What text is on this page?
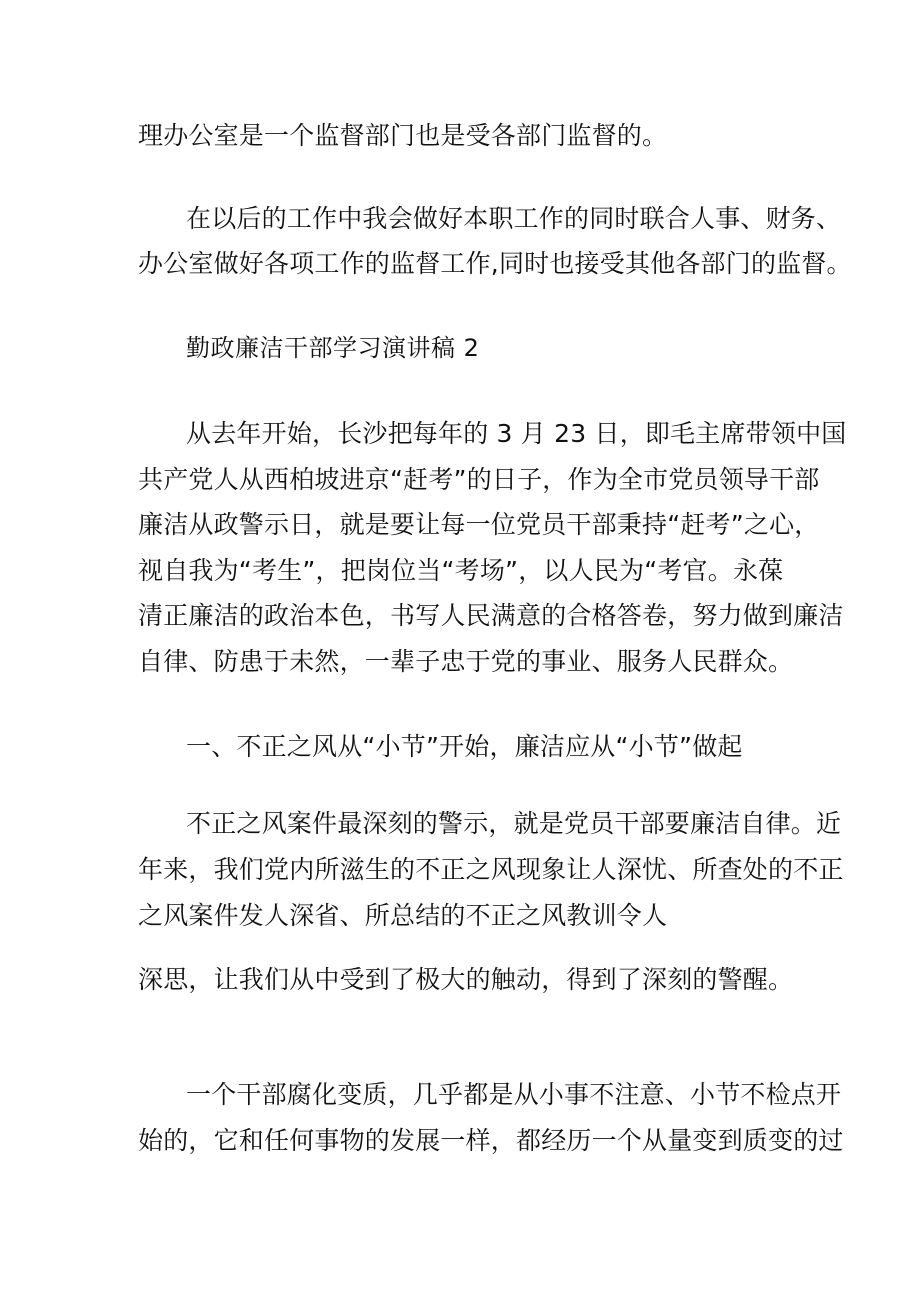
理办公室是一个监督部门也是受各部门监督的。
在以后的工作中我会做好本职工作的同时联合人事、财务、
办公室做好各项工作的监督工作,同时也接受其他各部门的监督。
勤政廉洁干部学习演讲稿 2
从去年开始，长沙把每年的 3 月 23 日，即毛主席带领中国
共产党人从西柏坡进京“赶考”的日子，作为全市党员领导干部
廉洁从政警示日，就是要让每一位党员干部秉持“赶考”之心，
视自我为“考生”，把岗位当“考场”，以人民为“考官。永葆
清正廉洁的政治本色，书写人民满意的合格答卷，努力做到廉洁
自律、防患于未然，一辈子忠于党的事业、服务人民群众。
一、不正之风从“小节”开始，廉洁应从“小节”做起
不正之风案件最深刻的警示，就是党员干部要廉洁自律。近
年来，我们党内所滋生的不正之风现象让人深忧、所查处的不正
之风案件发人深省、所总结的不正之风教训令人
深思，让我们从中受到了极大的触动，得到了深刻的警醒。
一个干部腐化变质，几乎都是从小事不注意、小节不检点开
始的，它和任何事物的发展一样，都经历一个从量变到质变的过
